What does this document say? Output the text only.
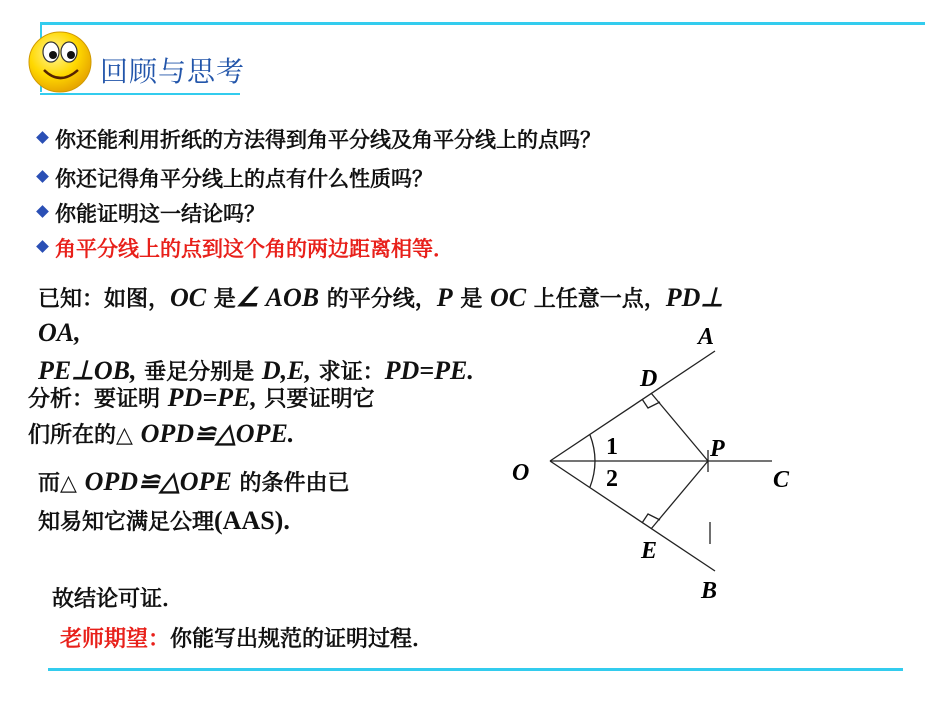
回顾与思考
你还能利用折纸的方法得到角平分线及角平分线上的点吗？
你还记得角平分线上的点有什么性质吗？
你能证明这一结论吗？
角平分线上的点到这个角的两边距离相等．
已知：如图，OC 是∠ AOB 的平分线，P 是 OC 上任意一点，PD⊥
OA,
PE⊥OB, 垂足分别是 D,E, 求证：PD=PE.
分析：要证明 PD=PE, 只要证明它
们所在的△ OPD≌△OPE.
而△ OPD≌△OPE 的条件由已
知易知它满足公理(AAS).
故结论可证．
老师期望：你能写出规范的证明过程．
A
D
O
P
C
1
2
E
B
